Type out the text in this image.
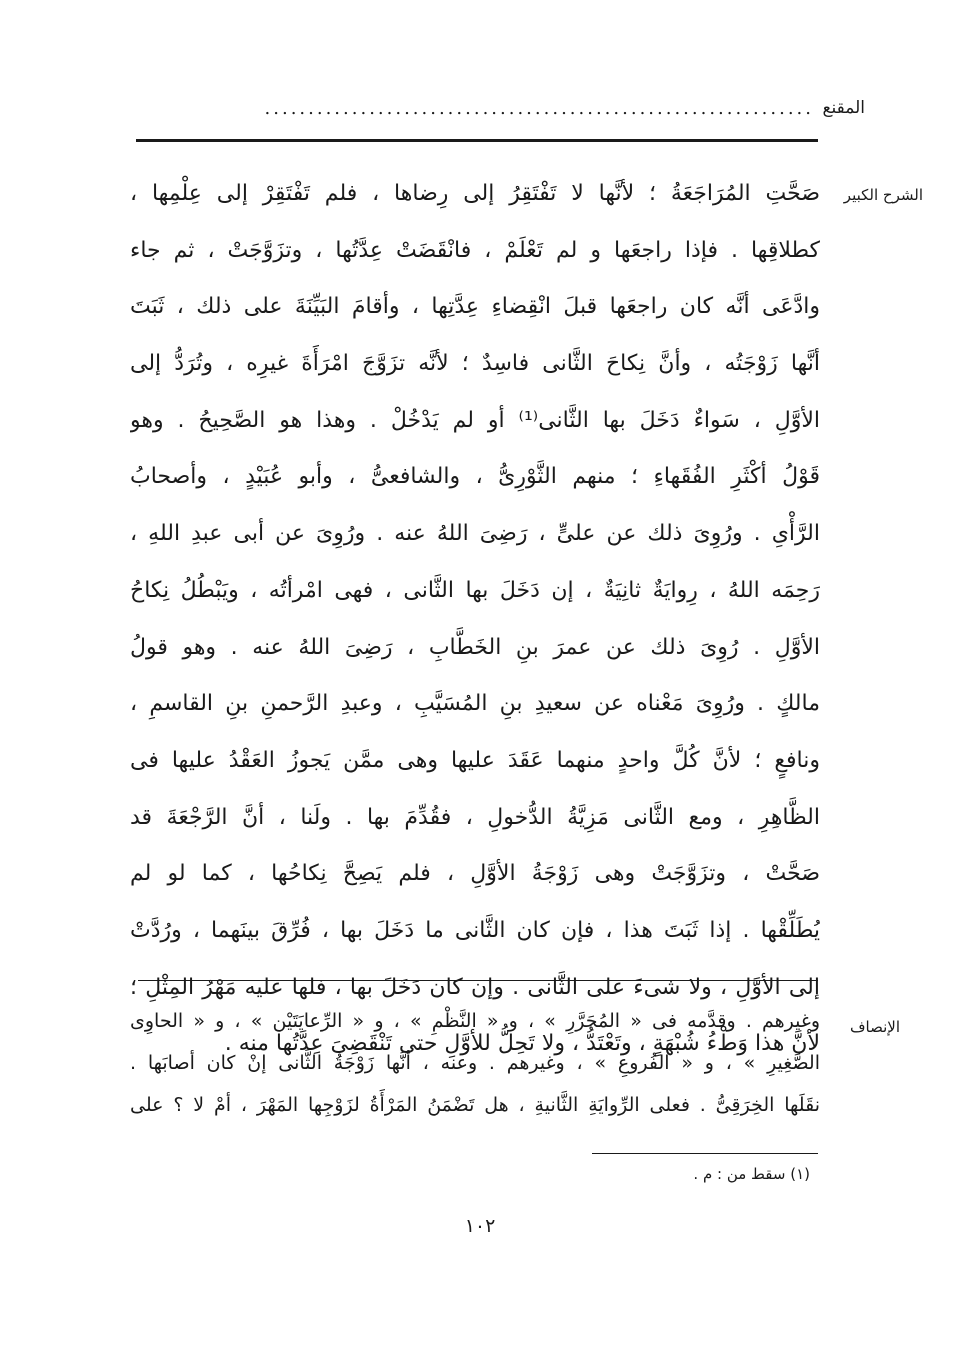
............................................................... المقنع
الشرح الكبير
صَحَّتِ المُرَاجَعَةُ ؛ لأنَّها لا تَفْتَقِرُ إلى رِضاها ، فلم تَفْتَقِرْ إلى عِلْمِها ،
كطلاقِها . فإذا راجعَها و لم تَعْلَمْ ، فانْقَضَتْ عِدَّتُها ، وتزَوَّجَتْ ، ثم جاء
وادَّعَى أنَّه كان راجعَها قبلَ انْقِضاءِ عِدَّتِها ، وأقامَ البَيِّنَةَ على ذلك ، ثَبَتَ
أنَّها زَوْجَتُه ، وأنَّ نِكاحَ الثَّانى فاسِدٌ ؛ لأنَّه تزَوَّجَ امْرَأَةَ غيرِه ، وتُرَدُّ إلى
الأوَّلِ ، سَواءٌ دَخَلَ بها الثَّانى⁽¹⁾ أو لم يَدْخُلْ . وهذا هو الصَّحِيحُ . وهو
قَوْلُ أكْثَرِ الفُقَهاءِ ؛ منهم الثَّوْرِىُّ ، والشافعىُّ ، وأبو عُبَيْدٍ ، وأصحابُ
الرَّأْىِ . ورُوِىَ ذلك عن علىٍّ ، رَضِىَ اللهُ عنه . ورُوِىَ عن أبى عبدِ اللهِ ،
رَحِمَه اللهُ ، رِوايَةٌ ثانِيَةٌ ، إن دَخَلَ بها الثَّانى ، فهى امْرأتُه ، ويَبْطُلُ نِكاحُ
الأوَّلِ . رُوِىَ ذلك عن عمرَ بنِ الخَطَّابِ ، رَضِىَ اللهُ عنه . وهو قولُ
مالكٍ . ورُوِىَ مَعْناه عن سعيدِ بنِ المُسَيَّبِ ، وعبدِ الرَّحمنِ بنِ القاسمِ ،
ونافعٍ ؛ لأنَّ كُلَّ واحدٍ منهما عَقَدَ عليها وهى ممَّن يَجوزُ العَقْدُ عليها فى
الظَّاهِرِ ، ومع الثَّانى مَزِيَّةُ الدُّخولِ ، فقُدِّمَ بها . ولَنا ، أنَّ الرَّجْعَةَ قد
صَحَّتْ ، وتزَوَّجَتْ وهى زَوْجَةُ الأوَّلِ ، فلم يَصِحَّ نِكاحُها ، كما لو لم
يُطَلِّقْها . إذا ثَبَتَ هذا ، فإن كان الثَّانى ما دَخَلَ بها ، فُرِّقَ بينَهما ، ورُدَّتْ
إلى الأوَّلِ ، ولا شىءَ على الثَّانى . وإن كان دَخَلَ بها ، فلها عليه مَهْرُ المِثْلِ ؛
لأنَّ هذا وَطْءُ شُبْهَةٍ ، وتَعْتَدُّ ، ولا تَحِلُّ للأوَّلِ حتى تَنْقَضِىَ عِدَّتُها منه .
الإنصاف
وغيرهم . وقدَّمه فى « المُحَرَّرِ » ، و « النَّظْمِ » ، و « الرِّعايَتَيْن » ، و « الحاوِى
الصَّغِيرِ » ، و « الفُروعِ » ، وغيرهم . وعنه ، أنَّها زَوْجَةُ الثَّانى إنْ كان أصابَها .
نقَلَها الخِرَقِىُّ . فعلى الرِّوايَةِ الثَّانيةِ ، هل تَضْمَنُ المَرْأَةُ لزَوْجِها المَهْرَ ، أمْ لا ؟ على
(١) سقط من : م .
١٠٢
